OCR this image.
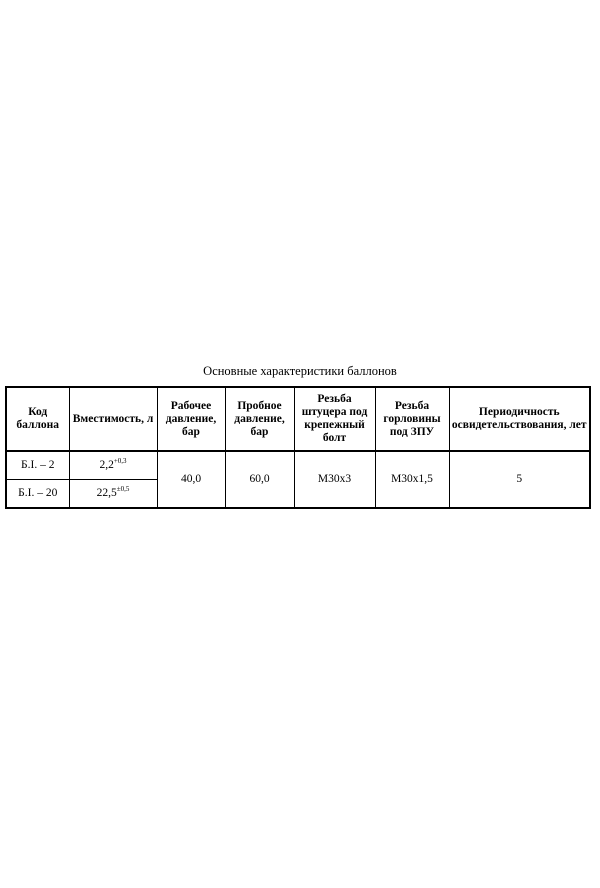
Основные характеристики баллонов
Код баллона	Вместимость, л	Рабочее давление, бар	Пробное давление, бар	Резьба штуцера под крепежный болт	Резьба горловины под ЗПУ	Периодичность освидетельствования, лет
Б.I. – 2	$2,2^{+0,3}$	40,0	60,0	М30х3	М30х1,5	5
Б.I. – 20	$22,5^{\pm 0,5}$
